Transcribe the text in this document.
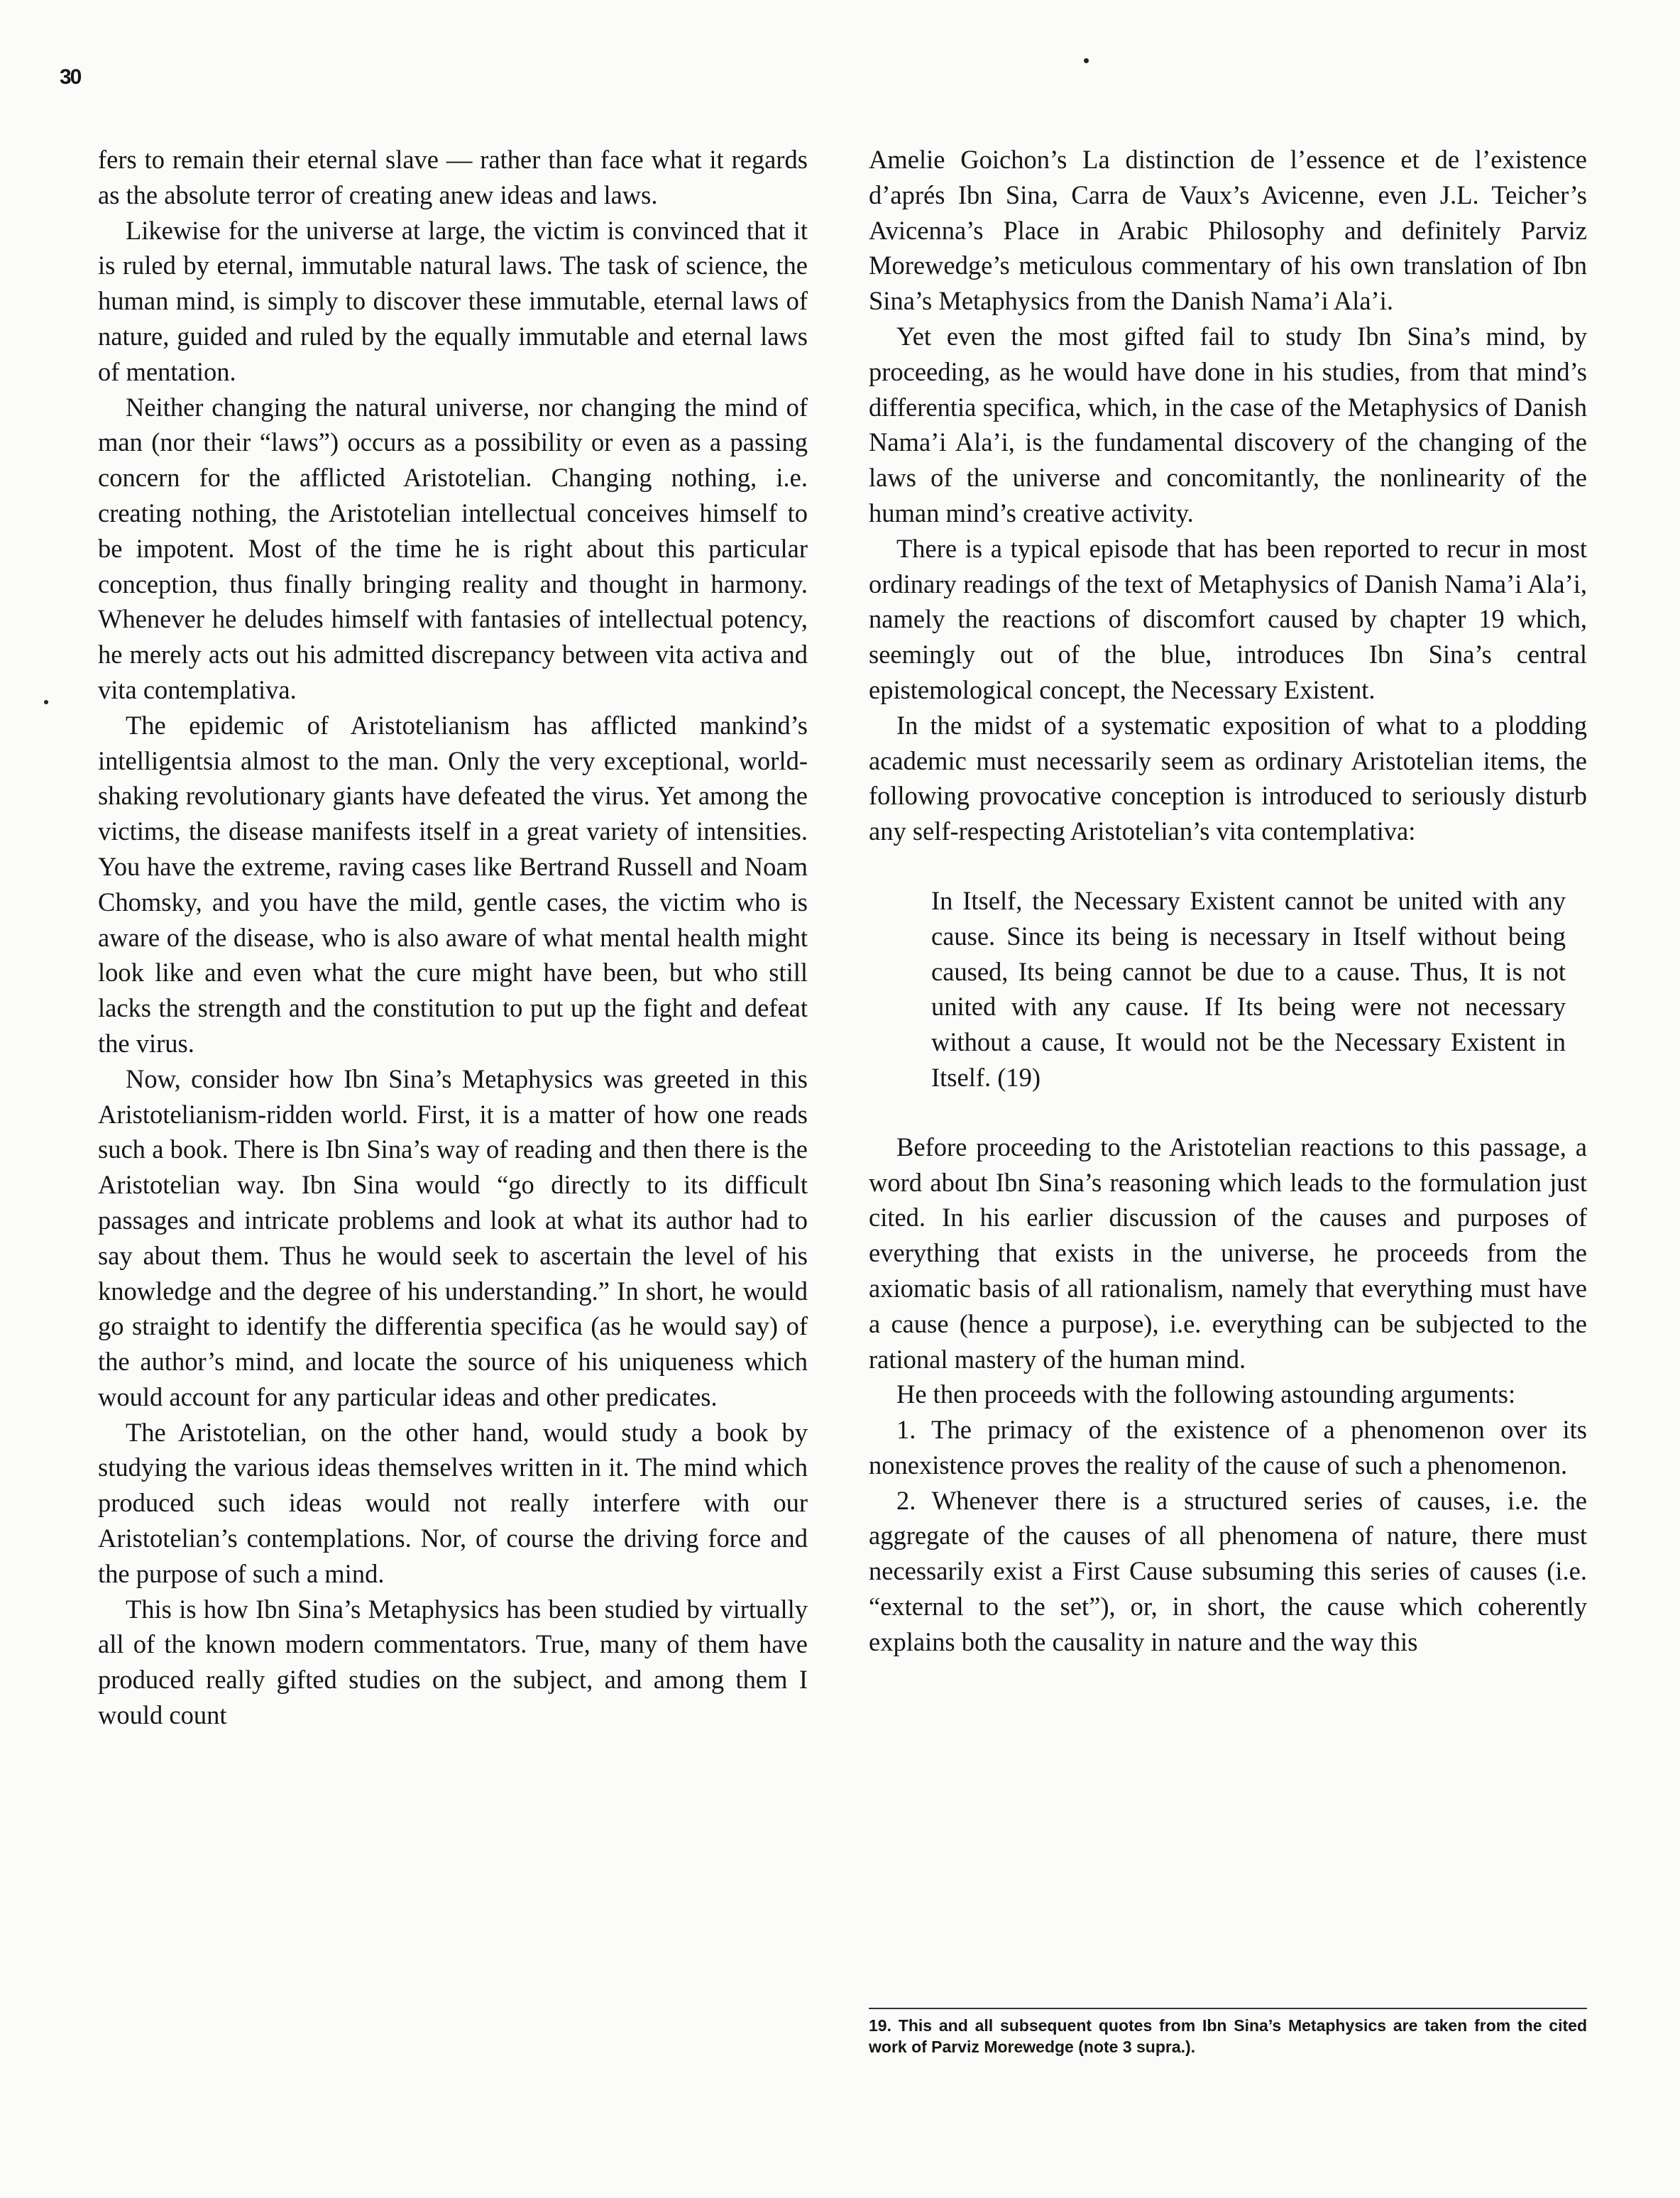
30

fers to remain their eternal slave — rather than face what it regards as the absolute terror of creating anew ideas and laws.

Likewise for the universe at large, the victim is convinced that it is ruled by eternal, immutable natural laws. The task of science, the human mind, is simply to discover these immutable, eternal laws of nature, guided and ruled by the equally immutable and eternal laws of mentation.

Neither changing the natural universe, nor changing the mind of man (nor their “laws”) occurs as a possibility or even as a passing concern for the afflicted Aristotelian. Changing nothing, i.e. creating nothing, the Aristotelian intellectual conceives himself to be impotent. Most of the time he is right about this particular conception, thus finally bringing reality and thought in harmony. Whenever he deludes himself with fantasies of intellectual potency, he merely acts out his admitted discrepancy between vita activa and vita contemplativa.

The epidemic of Aristotelianism has afflicted mankind’s intelligentsia almost to the man. Only the very exceptional, world-shaking revolutionary giants have defeated the virus. Yet among the victims, the disease manifests itself in a great variety of intensities. You have the extreme, raving cases like Bertrand Russell and Noam Chomsky, and you have the mild, gentle cases, the victim who is aware of the disease, who is also aware of what mental health might look like and even what the cure might have been, but who still lacks the strength and the constitution to put up the fight and defeat the virus.

Now, consider how Ibn Sina’s Metaphysics was greeted in this Aristotelianism-ridden world. First, it is a matter of how one reads such a book. There is Ibn Sina’s way of reading and then there is the Aristotelian way. Ibn Sina would “go directly to its difficult passages and intricate problems and look at what its author had to say about them. Thus he would seek to ascertain the level of his knowledge and the degree of his understanding.” In short, he would go straight to identify the differentia specifica (as he would say) of the author’s mind, and locate the source of his uniqueness which would account for any particular ideas and other predicates.

The Aristotelian, on the other hand, would study a book by studying the various ideas themselves written in it. The mind which produced such ideas would not really interfere with our Aristotelian’s contemplations. Nor, of course the driving force and the purpose of such a mind.

This is how Ibn Sina’s Metaphysics has been studied by virtually all of the known modern commentators. True, many of them have produced really gifted studies on the subject, and among them I would count

Amelie Goichon’s La distinction de l’essence et de l’existence d’aprés Ibn Sina, Carra de Vaux’s Avicenne, even J.L. Teicher’s Avicenna’s Place in Arabic Philosophy and definitely Parviz Morewedge’s meticulous commentary of his own translation of Ibn Sina’s Metaphysics from the Danish Nama’i Ala’i.

Yet even the most gifted fail to study Ibn Sina’s mind, by proceeding, as he would have done in his studies, from that mind’s differentia specifica, which, in the case of the Metaphysics of Danish Nama’i Ala’i, is the fundamental discovery of the changing of the laws of the universe and concomitantly, the nonlinearity of the human mind’s creative activity.

There is a typical episode that has been reported to recur in most ordinary readings of the text of Metaphysics of Danish Nama’i Ala’i, namely the reactions of discomfort caused by chapter 19 which, seemingly out of the blue, introduces Ibn Sina’s central epistemological concept, the Necessary Existent.

In the midst of a systematic exposition of what to a plodding academic must necessarily seem as ordinary Aristotelian items, the following provocative conception is introduced to seriously disturb any self-respecting Aristotelian’s vita contemplativa:

In Itself, the Necessary Existent cannot be united with any cause. Since its being is necessary in Itself without being caused, Its being cannot be due to a cause. Thus, It is not united with any cause. If Its being were not necessary without a cause, It would not be the Necessary Existent in Itself. (19)

Before proceeding to the Aristotelian reactions to this passage, a word about Ibn Sina’s reasoning which leads to the formulation just cited. In his earlier discussion of the causes and purposes of everything that exists in the universe, he proceeds from the axiomatic basis of all rationalism, namely that everything must have a cause (hence a purpose), i.e. everything can be subjected to the rational mastery of the human mind.

He then proceeds with the following astounding arguments:

1. The primacy of the existence of a phenomenon over its nonexistence proves the reality of the cause of such a phenomenon.

2. Whenever there is a structured series of causes, i.e. the aggregate of the causes of all phenomena of nature, there must necessarily exist a First Cause subsuming this series of causes (i.e. “external to the set”), or, in short, the cause which coherently explains both the causality in nature and the way this

19. This and all subsequent quotes from Ibn Sina’s Metaphysics are taken from the cited work of Parviz Morewedge (note 3 supra.).
